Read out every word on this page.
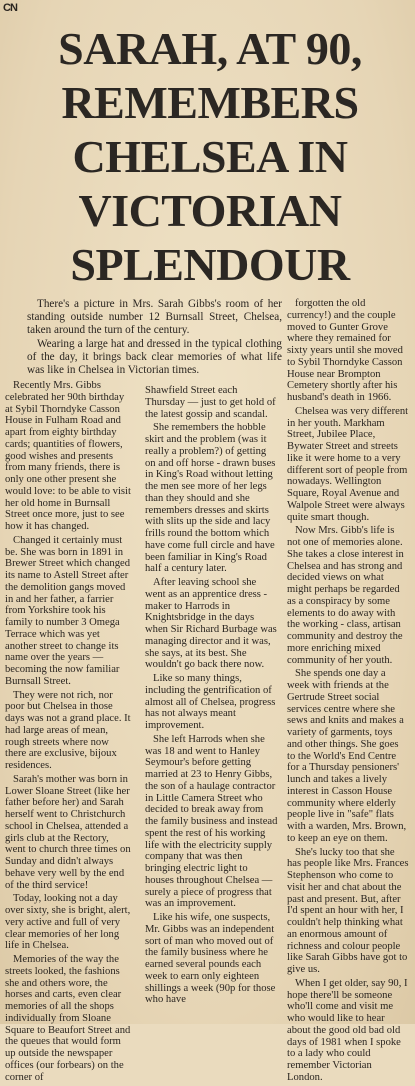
CN
SARAH, AT 90,
REMEMBERS
CHELSEA IN
VICTORIAN
SPLENDOUR

There's a picture in Mrs. Sarah Gibbs's room of her standing outside number 12 Burnsall Street, Chelsea, taken around the turn of the century.

Wearing a large hat and dressed in the typical clothing of the day, it brings back clear memories of what life was like in Chelsea in Victorian times.

Recently Mrs. Gibbs celebrated her 90th birthday at Sybil Thorndyke Casson House in Fulham Road and apart from eighty birthday cards; quantities of flowers, good wishes and presents from many friends, there is only one other present she would love: to be able to visit her old home in Burnsall Street once more, just to see how it has changed.

Changed it certainly must be. She was born in 1891 in Brewer Street which changed its name to Astell Street after the demolition gangs moved in and her father, a farrier from Yorkshire took his family to number 3 Omega Terrace which was yet another street to change its name over the years — becoming the now familiar Burnsall Street.

They were not rich, nor poor but Chelsea in those days was not a grand place. It had large areas of mean, rough streets where now there are exclusive, bijoux residences.

Sarah's mother was born in Lower Sloane Street (like her father before her) and Sarah herself went to Christchurch school in Chelsea, attended a girls club at the Rectory, went to church three times on Sunday and didn't always behave very well by the end of the third service!

Today, looking not a day over sixty, she is bright, alert, very active and full of very clear memories of her long life in Chelsea.

Memories of the way the streets looked, the fashions she and others wore, the horses and carts, even clear memories of all the shops individually from Sloane Square to Beaufort Street and the queues that would form up outside the newspaper offices (our forbears) on the corner of

Shawfield Street each Thursday — just to get hold of the latest gossip and scandal.

She remembers the hobble skirt and the problem (was it really a problem?) of getting on and off horse - drawn buses in King's Road without letting the men see more of her legs than they should and she remembers dresses and skirts with slits up the side and lacy frills round the bottom which have come full circle and have been familiar in King's Road half a century later.

After leaving school she went as an apprentice dress - maker to Harrods in Knightsbridge in the days when Sir Richard Burbage was managing director and it was, she says, at its best. She wouldn't go back there now.

Like so many things, including the gentrification of almost all of Chelsea, progress has not always meant improvement.

She left Harrods when she was 18 and went to Hanley Seymour's before getting married at 23 to Henry Gibbs, the son of a haulage contractor in Little Camera Street who decided to break away from the family business and instead spent the rest of his working life with the electricity supply company that was then bringing electric light to houses throughout Chelsea — surely a piece of progress that was an improvement.

Like his wife, one suspects, Mr. Gibbs was an independent sort of man who moved out of the family business where he earned several pounds each week to earn only eighteen shillings a week (90p for those who have

forgotten the old currency!) and the couple moved to Gunter Grove where they remained for sixty years until she moved to Sybil Thorndyke Casson House near Brompton Cemetery shortly after his husband's death in 1966.

Chelsea was very different in her youth. Markham Street, Jubilee Place, Bywater Street and streets like it were home to a very different sort of people from nowadays. Wellington Square, Royal Avenue and Walpole Street were always quite smart though.

Now Mrs. Gibb's life is not one of memories alone. She takes a close interest in Chelsea and has strong and decided views on what might perhaps be regarded as a conspiracy by some elements to do away with the working - class, artisan community and destroy the more enriching mixed community of her youth.

She spends one day a week with friends at the Gertrude Street social services centre where she sews and knits and makes a variety of garments, toys and other things. She goes to the World's End Centre for a Thursday pensioners' lunch and takes a lively interest in Casson House community where elderly people live in "safe" flats with a warden, Mrs. Brown, to keep an eye on them.

She's lucky too that she has people like Mrs. Frances Stephenson who come to visit her and chat about the past and present. But, after I'd spent an hour with her, I couldn't help thinking what an enormous amount of richness and colour people like Sarah Gibbs have got to give us.

When I get older, say 90, I hope there'll be someone who'll come and visit me who would like to hear about the good old bad old days of 1981 when I spoke to a lady who could remember Victorian London.
